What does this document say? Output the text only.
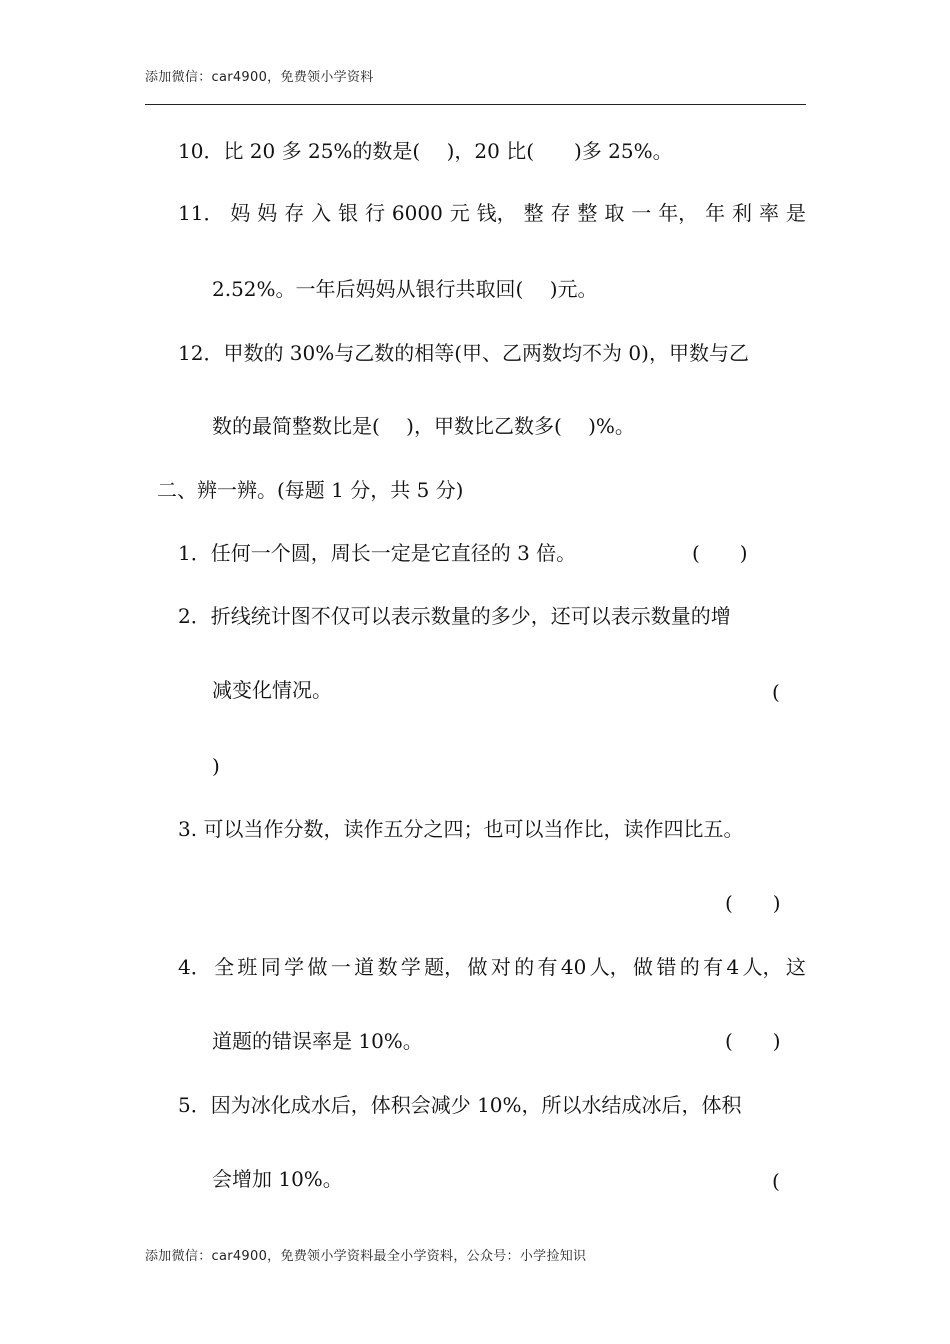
添加微信：car4900，免费领小学资料
10．比 20 多 25%的数是(　 )，20 比(　　)多 25%。
11． 妈 妈 存 入 银 行 6000 元 钱， 整 存 整 取 一 年， 年 利 率 是
2.52%。一年后妈妈从银行共取回(　 )元。
12．甲数的 30%与乙数的相等(甲、乙两数均不为 0)，甲数与乙
数的最简整数比是(　 )，甲数比乙数多(　 )%。
二、辨一辨。(每题 1 分，共 5 分)
1．任何一个圆，周长一定是它直径的 3 倍。	(　　)
2．折线统计图不仅可以表示数量的多少，还可以表示数量的增
减变化情况。	(
)
3. 可以当作分数，读作五分之四；也可以当作比，读作四比五。
(　　)
4． 全 班 同 学 做 一 道 数 学 题， 做 对 的 有 40 人， 做 错 的 有 4 人， 这
道题的错误率是 10%。	(　　)
5．因为冰化成水后，体积会减少 10%，所以水结成冰后，体积
会增加 10%。	(
添加微信：car4900，免费领小学资料最全小学资料，公众号：小学捡知识
